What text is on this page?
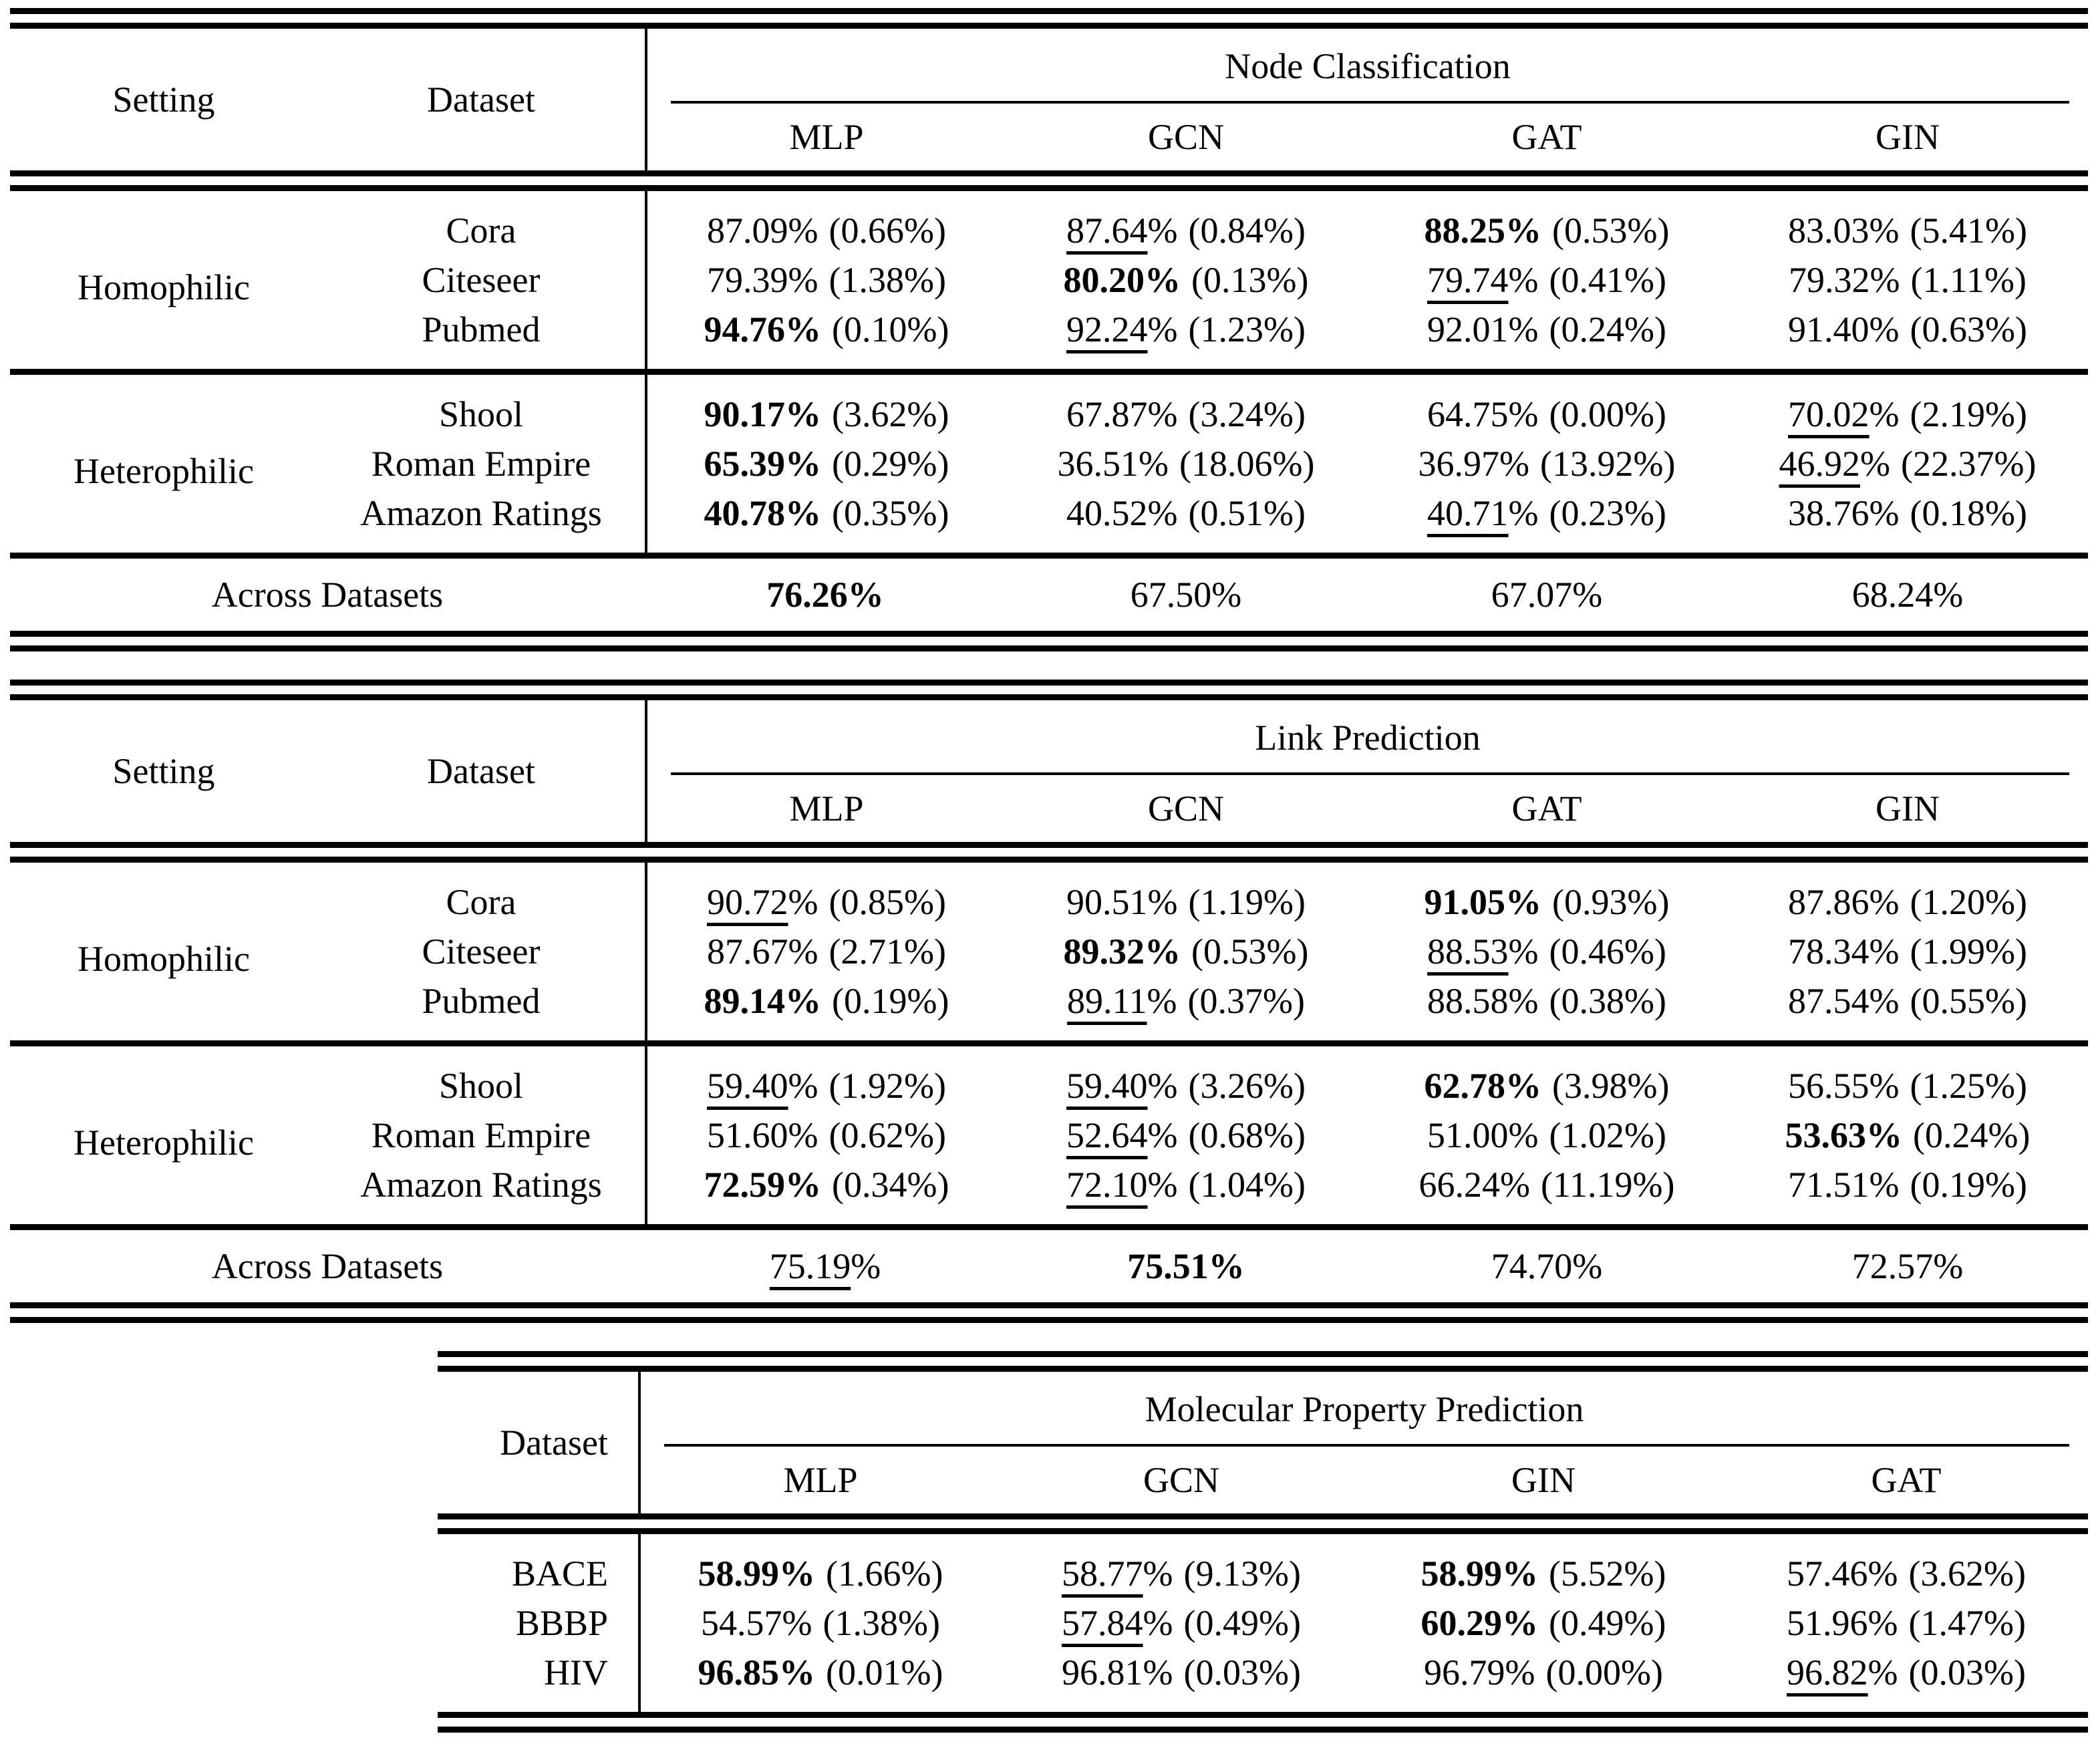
Setting	Dataset	Node Classification			

		MLP	GCN	GAT	GIN

Homophilic	Cora	87.09% (0.66%)	87.64% (0.84%)	88.25% (0.53%)	83.03% (5.41%)
	Citeseer	79.39% (1.38%)	80.20% (0.13%)	79.74% (0.41%)	79.32% (1.11%)
	Pubmed	94.76% (0.10%)	92.24% (1.23%)	92.01% (0.24%)	91.40% (0.63%)

Heterophilic	Shool	90.17% (3.62%)	67.87% (3.24%)	64.75% (0.00%)	70.02% (2.19%)
	Roman Empire	65.39% (0.29%)	36.51% (18.06%)	36.97% (13.92%)	46.92% (22.37%)
	Amazon Ratings	40.78% (0.35%)	40.52% (0.51%)	40.71% (0.23%)	38.76% (0.18%)

Across Datasets		76.26%	67.50%	67.07%	68.24%

Setting	Dataset	Link Prediction			

		MLP	GCN	GAT	GIN

Homophilic	Cora	90.72% (0.85%)	90.51% (1.19%)	91.05% (0.93%)	87.86% (1.20%)
	Citeseer	87.67% (2.71%)	89.32% (0.53%)	88.53% (0.46%)	78.34% (1.99%)
	Pubmed	89.14% (0.19%)	89.11% (0.37%)	88.58% (0.38%)	87.54% (0.55%)

Heterophilic	Shool	59.40% (1.92%)	59.40% (3.26%)	62.78% (3.98%)	56.55% (1.25%)
	Roman Empire	51.60% (0.62%)	52.64% (0.68%)	51.00% (1.02%)	53.63% (0.24%)
	Amazon Ratings	72.59% (0.34%)	72.10% (1.04%)	66.24% (11.19%)	71.51% (0.19%)

Across Datasets		75.19%	75.51%	74.70%	72.57%

Dataset	Molecular Property Prediction			

	MLP	GCN	GIN	GAT

BACE	58.99% (1.66%)	58.77% (9.13%)	58.99% (5.52%)	57.46% (3.62%)
BBBP	54.57% (1.38%)	57.84% (0.49%)	60.29% (0.49%)	51.96% (1.47%)
HIV	96.85% (0.01%)	96.81% (0.03%)	96.79% (0.00%)	96.82% (0.03%)
